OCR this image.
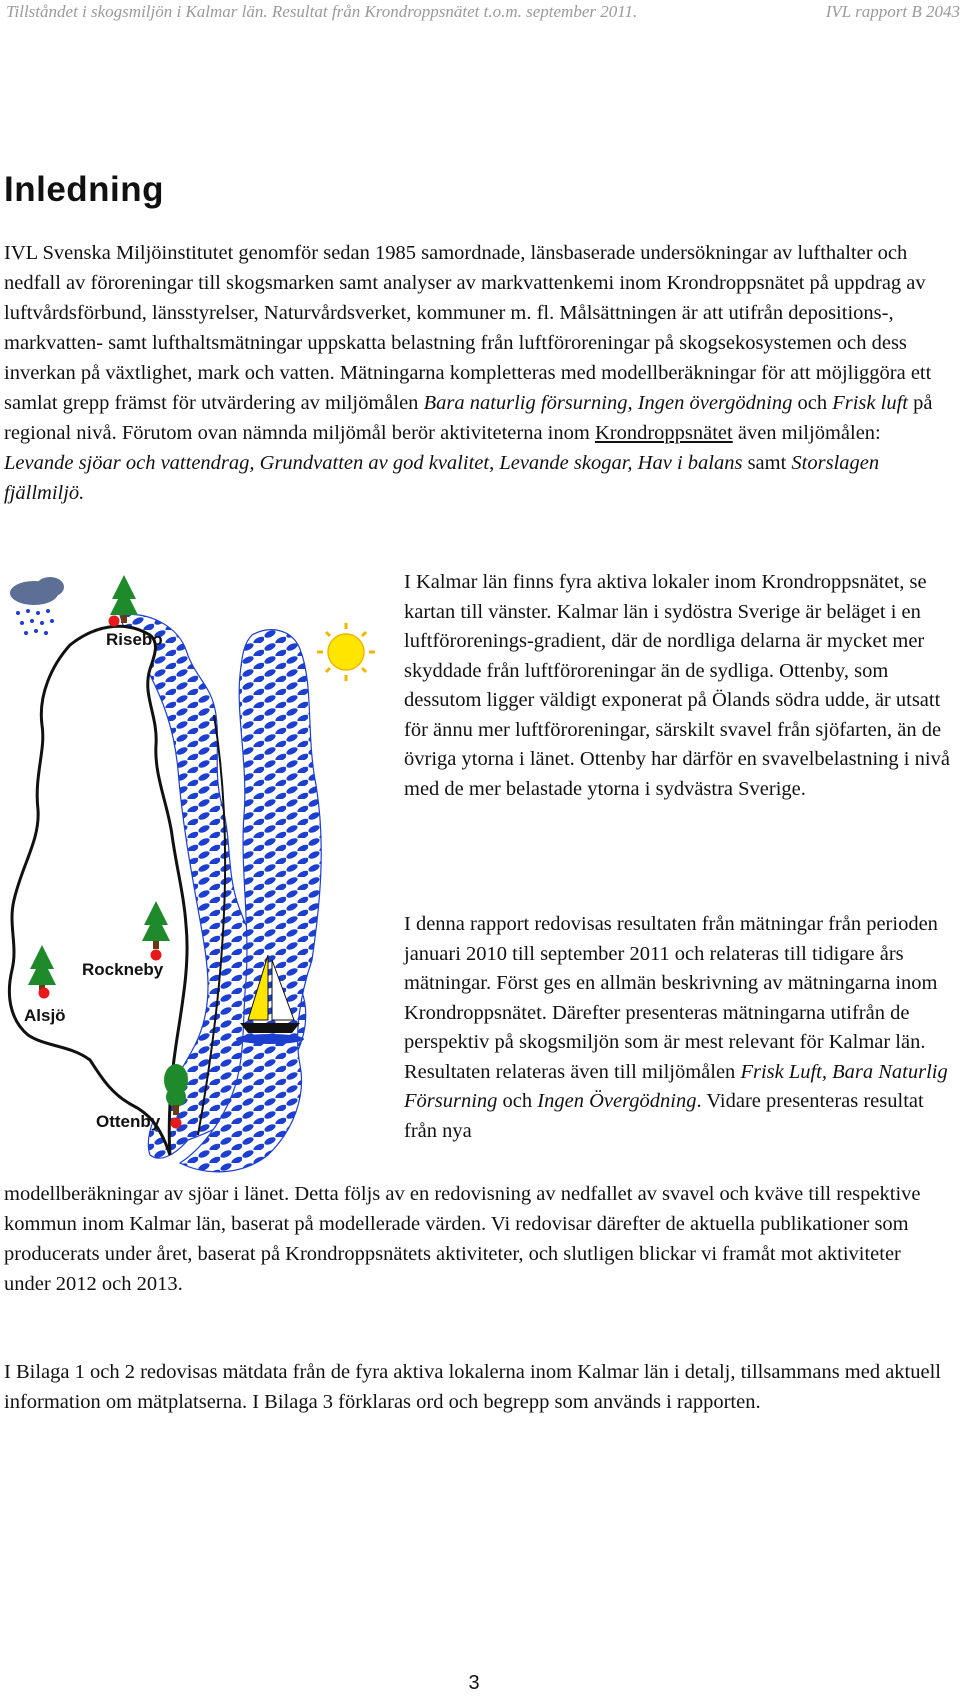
Tillståndet i skogsmiljön i Kalmar län. Resultat från Krondroppsnätet t.o.m. september 2011.	IVL rapport B 2043
Inledning

IVL Svenska Miljöinstitutet genomför sedan 1985 samordnade, länsbaserade undersökningar av lufthalter och nedfall av föroreningar till skogsmarken samt analyser av markvattenkemi inom Krondroppsnätet på uppdrag av luftvårdsförbund, länsstyrelser, Naturvårdsverket, kommuner m. fl. Målsättningen är att utifrån depositions-, markvatten- samt lufthaltsmätningar uppskatta belastning från luftföroreningar på skogsekosystemen och dess inverkan på växtlighet, mark och vatten. Mätningarna kompletteras med modellberäkningar för att möjliggöra ett samlat grepp främst för utvärdering av miljömålen Bara naturlig försurning, Ingen övergödning och Frisk luft på regional nivå. Förutom ovan nämnda miljömål berör aktiviteterna inom Krondroppsnätet även miljömålen: Levande sjöar och vattendrag, Grundvatten av god kvalitet, Levande skogar, Hav i balans samt Storslagen fjällmiljö.

Risebo
Rockneby
Alsjö
Ottenby

I Kalmar län finns fyra aktiva lokaler inom Krondroppsnätet, se kartan till vänster. Kalmar län i sydöstra Sverige är beläget i en luftförorenings-gradient, där de nordliga delarna är mycket mer skyddade från luftföroreningar än de sydliga. Ottenby, som dessutom ligger väldigt exponerat på Ölands södra udde, är utsatt för ännu mer luftföroreningar, särskilt svavel från sjöfarten, än de övriga ytorna i länet. Ottenby har därför en svavelbelastning i nivå med de mer belastade ytorna i sydvästra Sverige.

I denna rapport redovisas resultaten från mätningar från perioden januari 2010 till september 2011 och relateras till tidigare års mätningar. Först ges en allmän beskrivning av mätningarna inom Krondroppsnätet. Därefter presenteras mätningarna utifrån de perspektiv på skogsmiljön som är mest relevant för Kalmar län. Resultaten relateras även till miljömålen Frisk Luft, Bara Naturlig Försurning och Ingen Övergödning. Vidare presenteras resultat från nya

modellberäkningar av sjöar i länet. Detta följs av en redovisning av nedfallet av svavel och kväve till respektive kommun inom Kalmar län, baserat på modellerade värden. Vi redovisar därefter de aktuella publikationer som producerats under året, baserat på Krondroppsnätets aktiviteter, och slutligen blickar vi framåt mot aktiviteter under 2012 och 2013.

I Bilaga 1 och 2 redovisas mätdata från de fyra aktiva lokalerna inom Kalmar län i detalj, tillsammans med aktuell information om mätplatserna. I Bilaga 3 förklaras ord och begrepp som används i rapporten.

3
